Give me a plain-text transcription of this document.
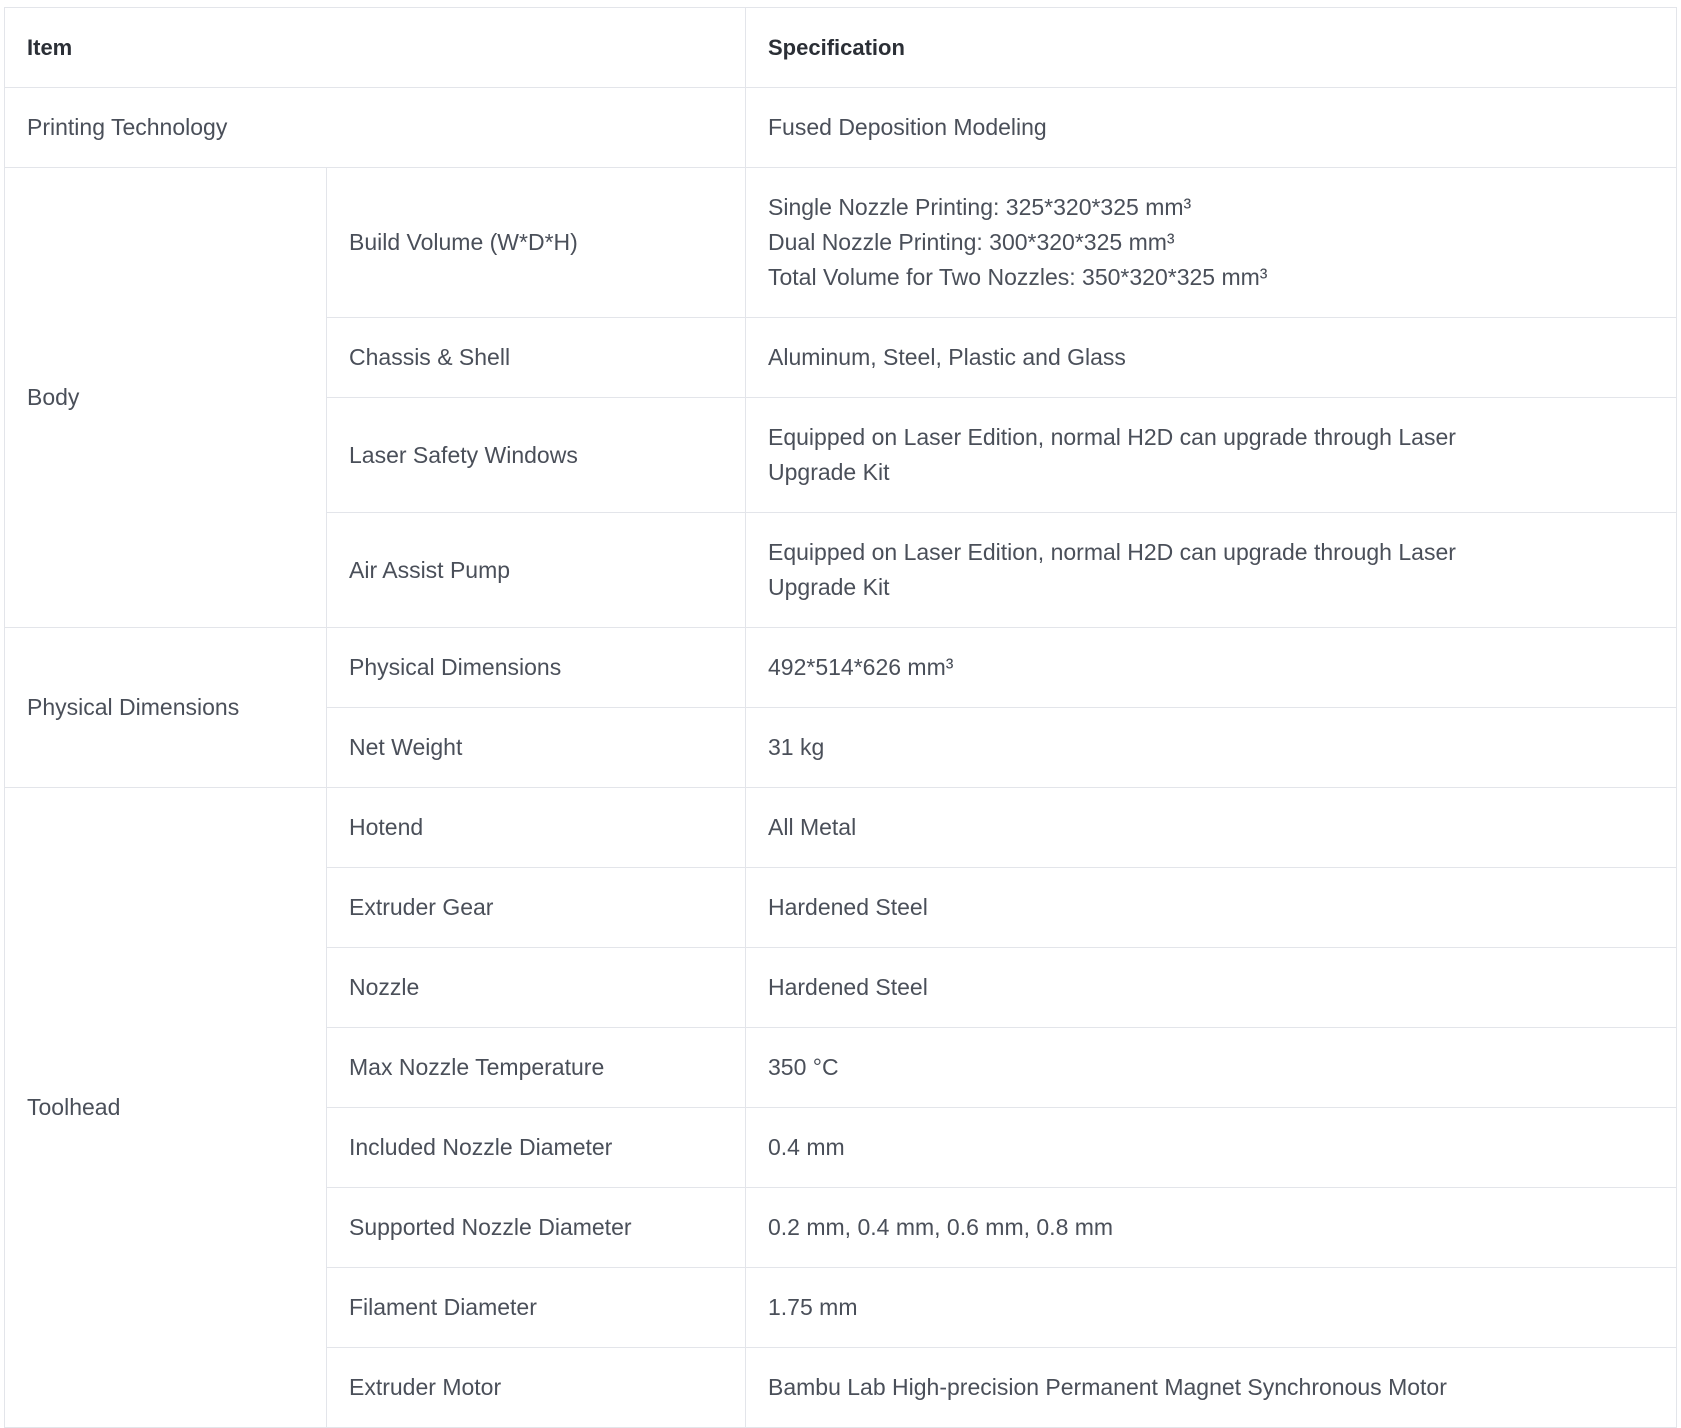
Item		Specification
Printing Technology		Fused Deposition Modeling
Body	Build Volume (W*D*H)	Single Nozzle Printing: 325*320*325 mm³
Dual Nozzle Printing: 300*320*325 mm³
Total Volume for Two Nozzles: 350*320*325 mm³

	Chassis & Shell	Aluminum, Steel, Plastic and Glass
	Laser Safety Windows	Equipped on Laser Edition, normal H2D can upgrade through Laser
Upgrade Kit

	Air Assist Pump	Equipped on Laser Edition, normal H2D can upgrade through Laser
Upgrade Kit

Physical Dimensions	Physical Dimensions	492*514*626 mm³
	Net Weight	31 kg
Toolhead	Hotend	All Metal
	Extruder Gear	Hardened Steel
	Nozzle	Hardened Steel
	Max Nozzle Temperature	350 °C
	Included Nozzle Diameter	0.4 mm
	Supported Nozzle Diameter	0.2 mm, 0.4 mm, 0.6 mm, 0.8 mm
	Filament Diameter	1.75 mm
	Extruder Motor	Bambu Lab High-precision Permanent Magnet Synchronous Motor
